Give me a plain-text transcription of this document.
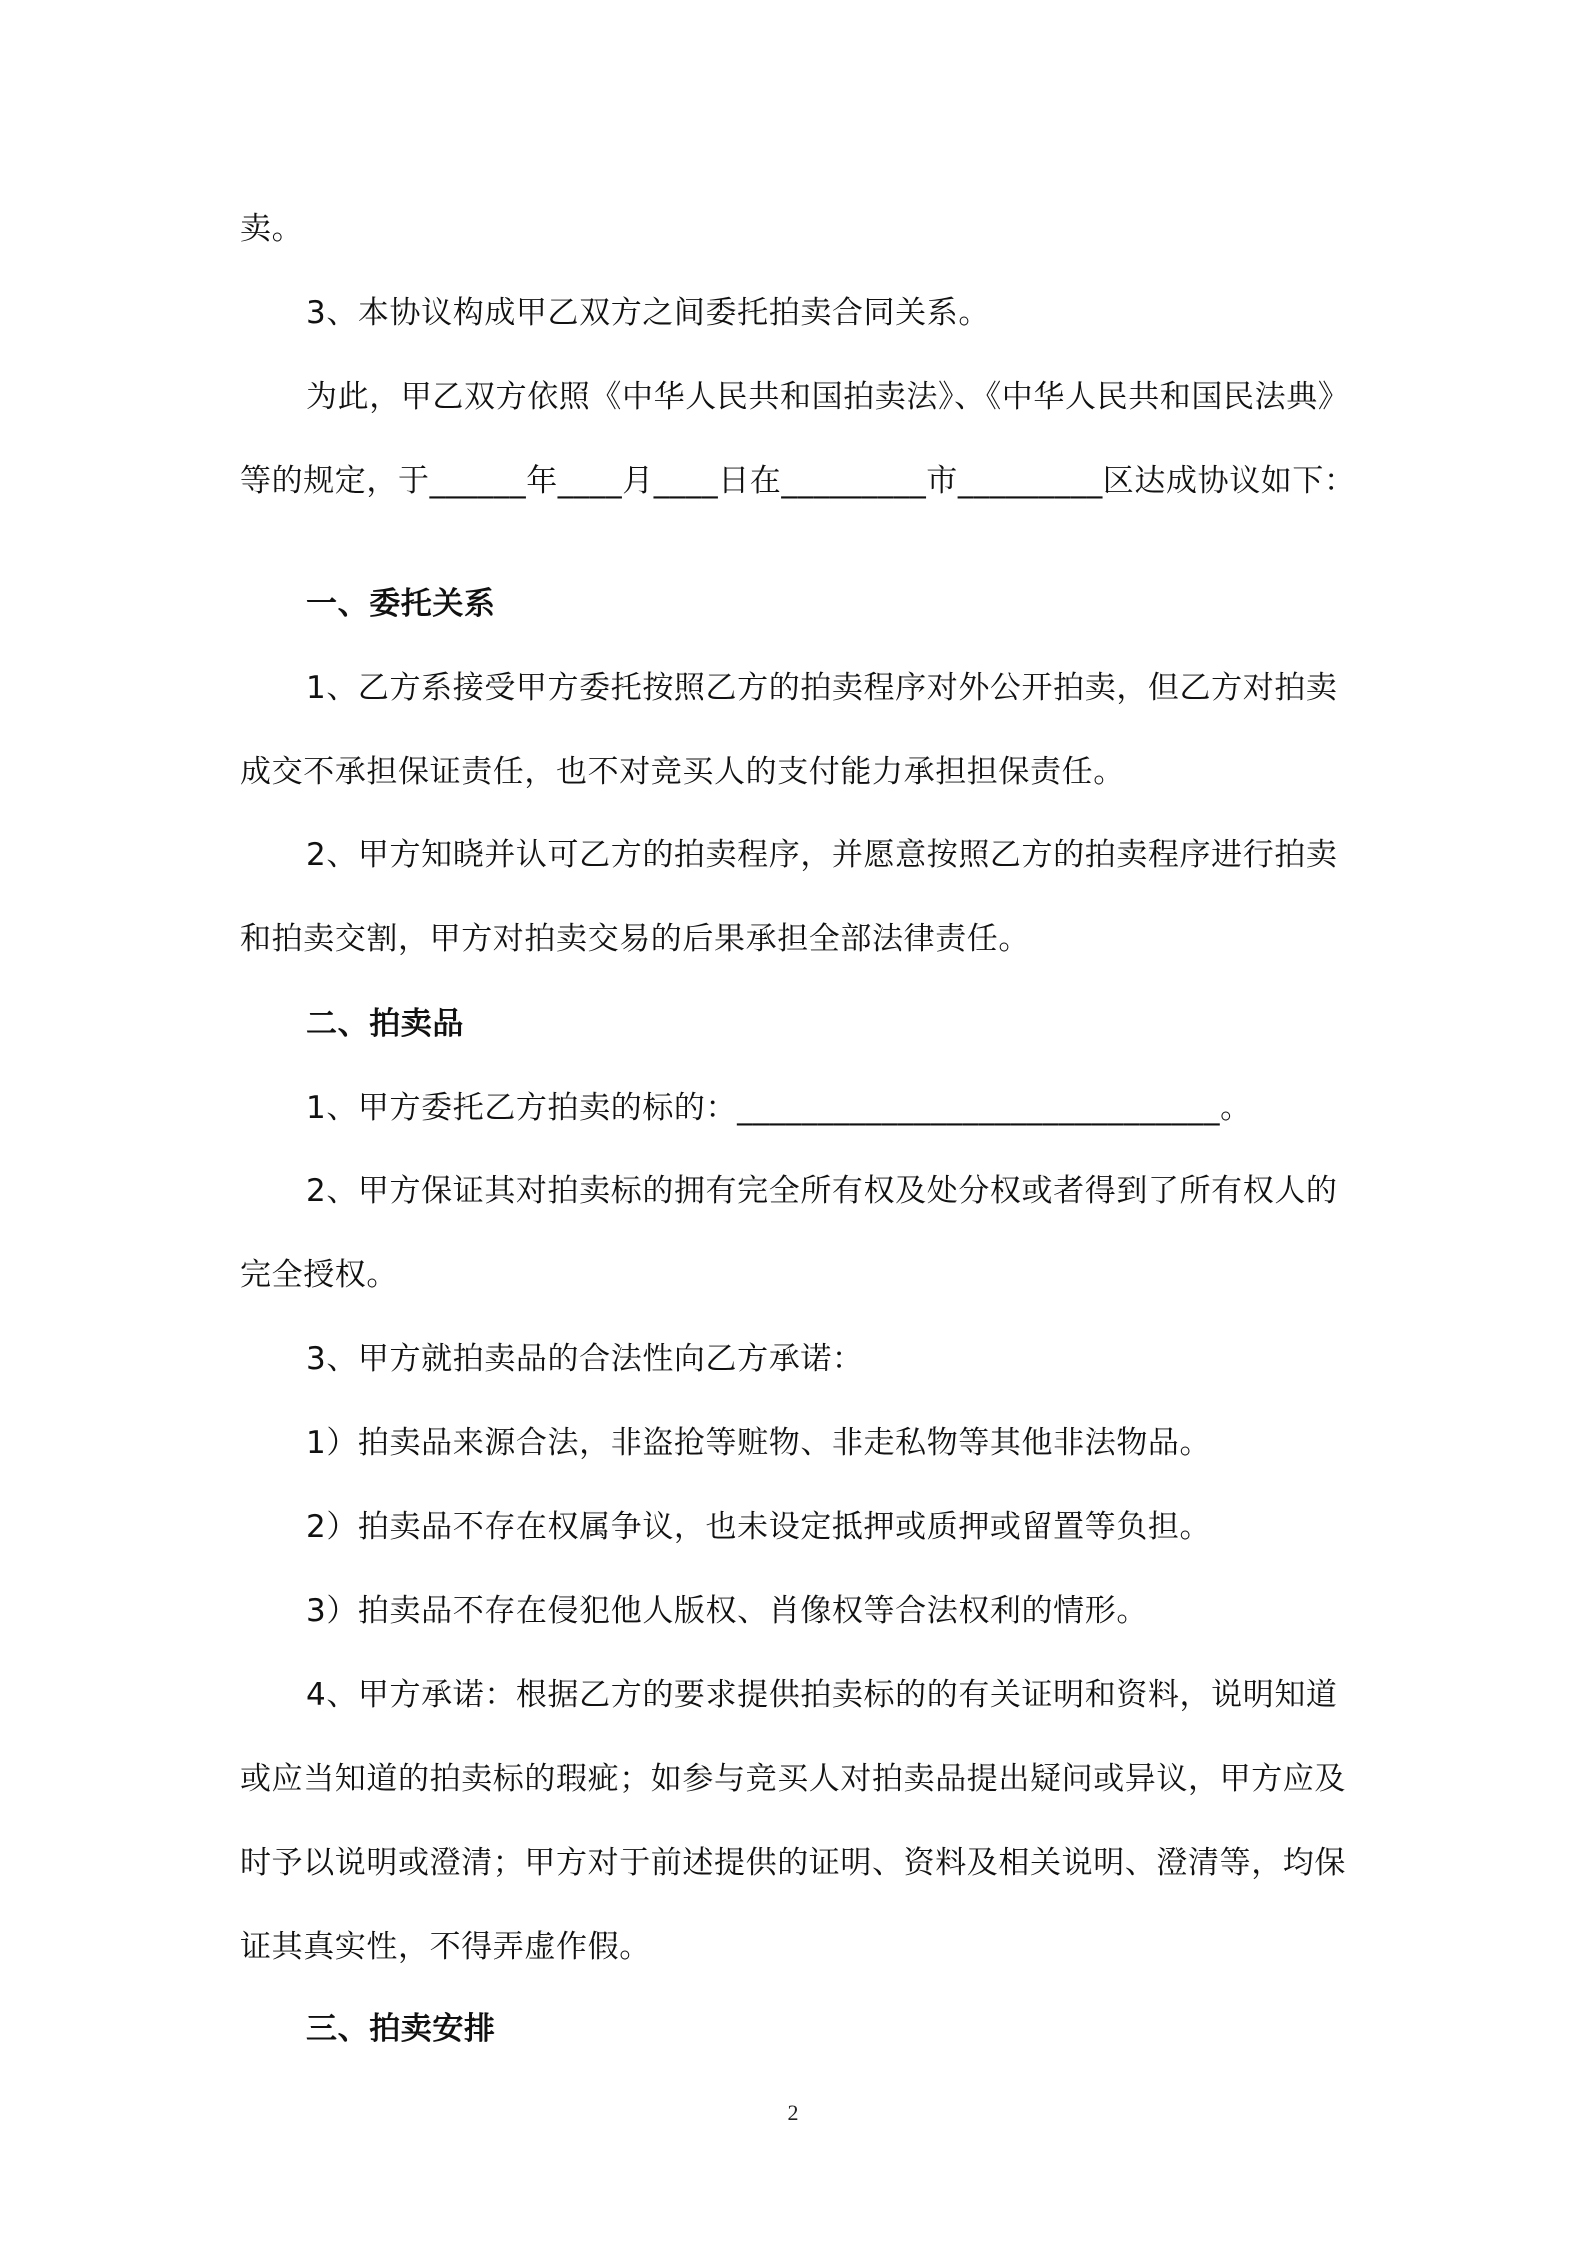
卖。
3、本协议构成甲乙双方之间委托拍卖合同关系。
为此，甲乙双方依照《中华人民共和国拍卖法》、《中华人民共和国民法典》
等的规定，于______年____月____日在_________市_________区达成协议如下：
一、委托关系
1、乙方系接受甲方委托按照乙方的拍卖程序对外公开拍卖，但乙方对拍卖
成交不承担保证责任，也不对竞买人的支付能力承担担保责任。
2、甲方知晓并认可乙方的拍卖程序，并愿意按照乙方的拍卖程序进行拍卖
和拍卖交割，甲方对拍卖交易的后果承担全部法律责任。
二、拍卖品
1、甲方委托乙方拍卖的标的：______________________________。
2、甲方保证其对拍卖标的拥有完全所有权及处分权或者得到了所有权人的
完全授权。
3、甲方就拍卖品的合法性向乙方承诺：
1）拍卖品来源合法，非盗抢等赃物、非走私物等其他非法物品。
2）拍卖品不存在权属争议，也未设定抵押或质押或留置等负担。
3）拍卖品不存在侵犯他人版权、肖像权等合法权利的情形。
4、甲方承诺：根据乙方的要求提供拍卖标的的有关证明和资料，说明知道
或应当知道的拍卖标的瑕疵；如参与竞买人对拍卖品提出疑问或异议，甲方应及
时予以说明或澄清；甲方对于前述提供的证明、资料及相关说明、澄清等，均保
证其真实性，不得弄虚作假。
三、拍卖安排
2
